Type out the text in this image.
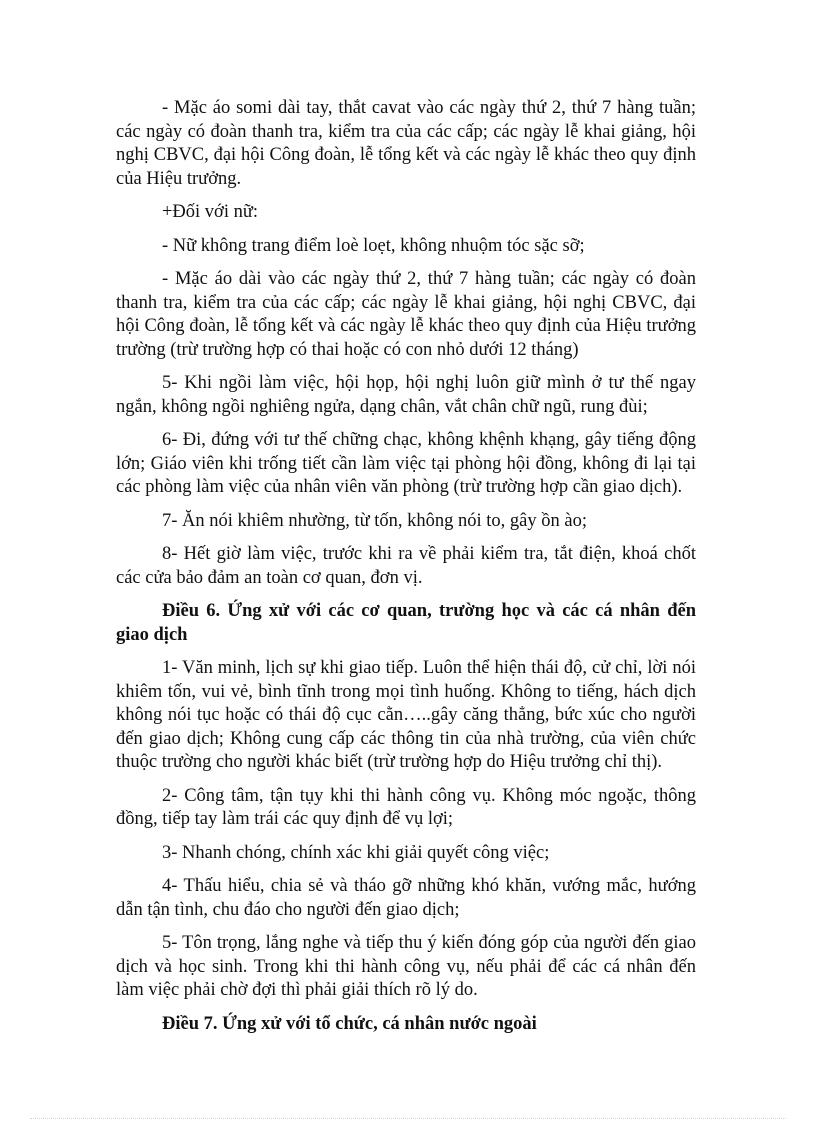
- Mặc áo somi dài tay, thắt cavat vào các ngày thứ 2, thứ 7 hàng tuần; các ngày có đoàn thanh tra, kiểm tra của các cấp; các ngày lễ khai giảng, hội nghị CBVC, đại hội Công đoàn, lễ tổng kết và các ngày lễ khác theo quy định của Hiệu trưởng.

+Đối với nữ:

- Nữ không trang điểm loè loẹt, không nhuộm tóc sặc sỡ;

- Mặc áo dài vào các ngày thứ 2, thứ 7 hàng tuần; các ngày có đoàn thanh tra, kiểm tra của các cấp; các ngày lễ khai giảng, hội nghị CBVC, đại hội Công đoàn, lễ tổng kết và các ngày lễ khác theo quy định của Hiệu trưởng trường (trừ trường hợp có thai hoặc có con nhỏ dưới 12 tháng)

5- Khi ngồi làm việc, hội họp, hội nghị luôn giữ mình ở tư thế ngay ngắn, không ngồi nghiêng ngửa, dạng chân, vắt chân chữ ngũ, rung đùi;

6- Đi, đứng với tư thế chững chạc, không khệnh khạng, gây tiếng động lớn; Giáo viên khi trống tiết cần làm việc tại phòng hội đồng, không đi lại tại các phòng làm việc của nhân viên văn phòng (trừ trường hợp cần giao dịch).

7- Ăn nói khiêm nhường, từ tốn, không nói to, gây ồn ào;

8- Hết giờ làm việc, trước khi ra về phải kiểm tra, tắt điện, khoá chốt các cửa bảo đảm an toàn cơ quan, đơn vị.

Điều 6. Ứng xử với các cơ quan, trường học và các cá nhân đến giao dịch

1- Văn minh, lịch sự khi giao tiếp. Luôn thể hiện thái độ, cử chỉ, lời nói khiêm tốn, vui vẻ, bình tĩnh trong mọi tình huống. Không to tiếng, hách dịch không nói tục hoặc có thái độ cục cằn…..gây căng thẳng, bức xúc cho người đến giao dịch; Không cung cấp các thông tin của nhà trường, của viên chức thuộc trường cho người khác biết (trừ trường hợp do Hiệu trưởng chỉ thị).

2- Công tâm, tận tụy khi thi hành công vụ. Không móc ngoặc, thông đồng, tiếp tay làm trái các quy định để vụ lợi;

3- Nhanh chóng, chính xác khi giải quyết công việc;

4- Thấu hiểu, chia sẻ và tháo gỡ những khó khăn, vướng mắc, hướng dẫn tận tình, chu đáo cho người đến giao dịch;

5- Tôn trọng, lắng nghe và tiếp thu ý kiến đóng góp của người đến giao dịch và học sinh. Trong khi thi hành công vụ, nếu phải để các cá nhân đến làm việc phải chờ đợi thì phải giải thích rõ lý do.

Điều 7. Ứng xử với tổ chức, cá nhân nước ngoài
